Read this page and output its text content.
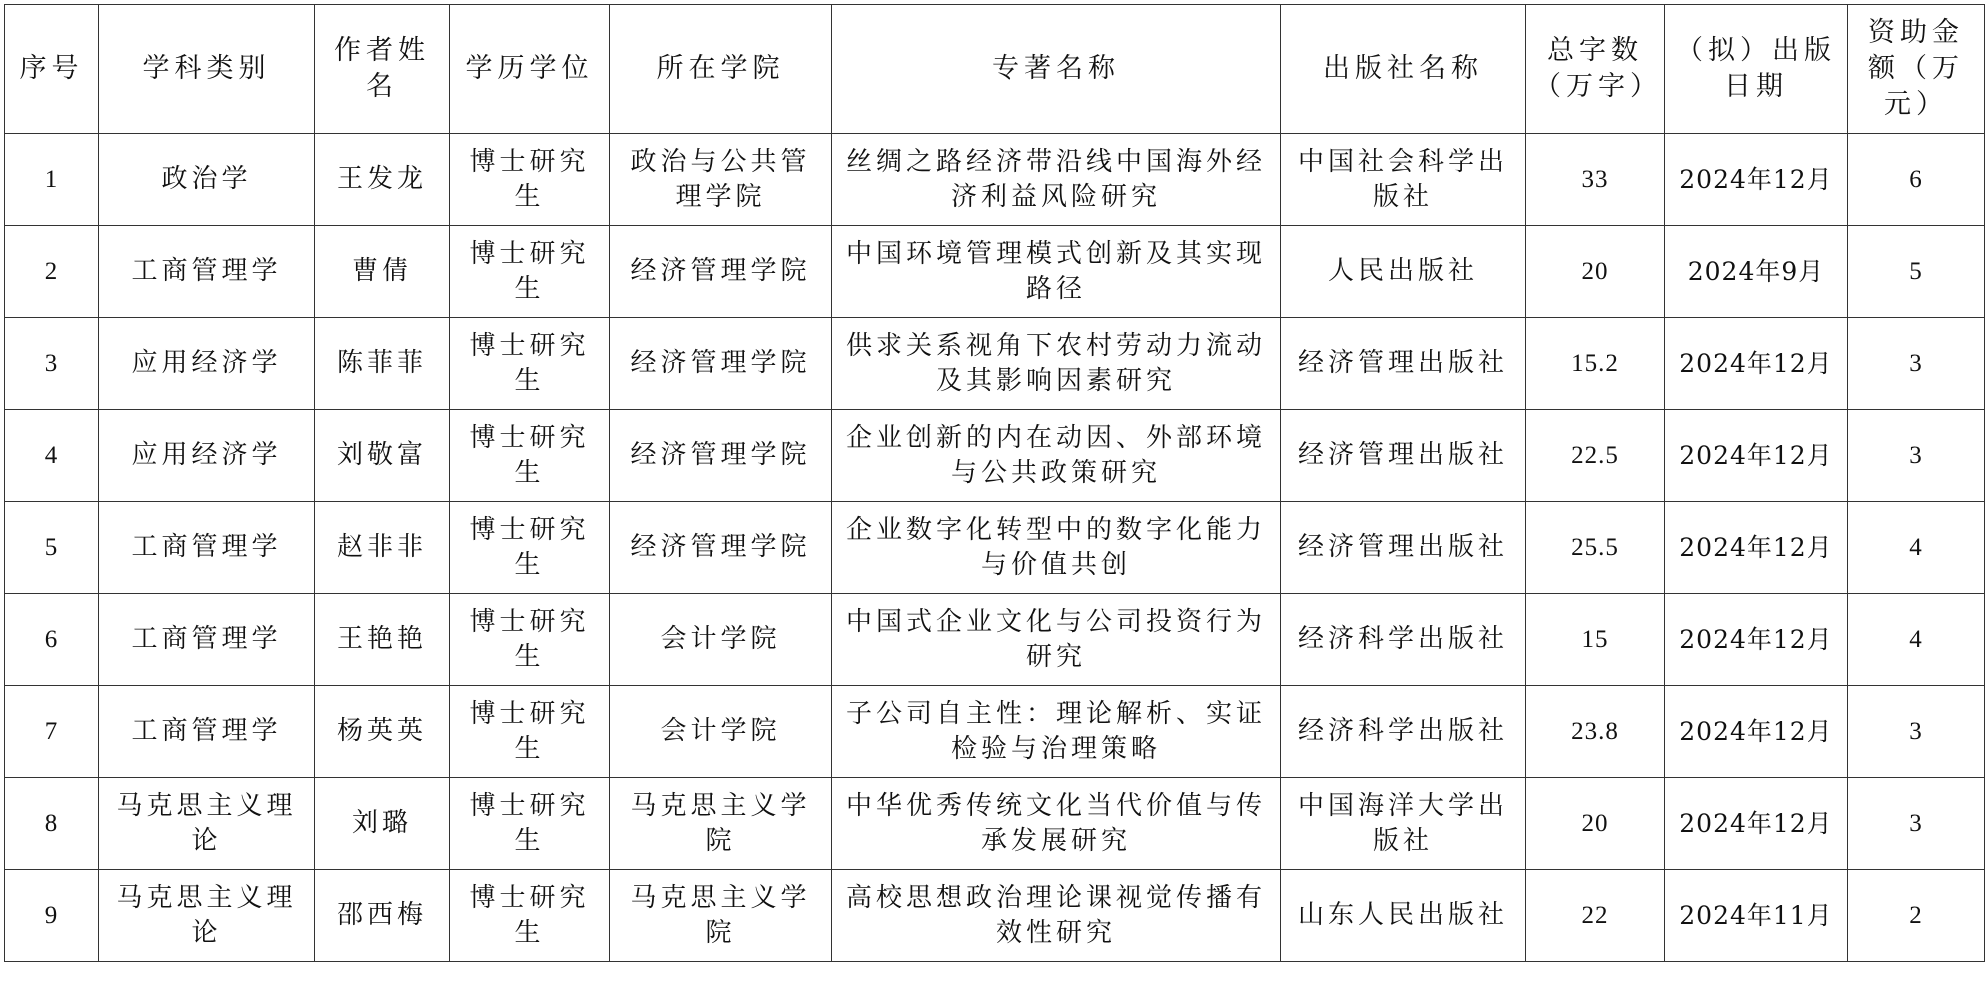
序号	学科类别	作者姓名	学历学位	所在学院	专著名称	出版社名称	总字数（万字）	（拟）出版日期	资助金额（万元）
1	政治学	王发龙	博士研究生	政治与公共管理学院	丝绸之路经济带沿线中国海外经济利益风险研究	中国社会科学出版社	33	2024年12月	6
2	工商管理学	曹倩	博士研究生	经济管理学院	中国环境管理模式创新及其实现路径	人民出版社	20	2024年9月	5
3	应用经济学	陈菲菲	博士研究生	经济管理学院	供求关系视角下农村劳动力流动及其影响因素研究	经济管理出版社	15.2	2024年12月	3
4	应用经济学	刘敬富	博士研究生	经济管理学院	企业创新的内在动因、外部环境与公共政策研究	经济管理出版社	22.5	2024年12月	3
5	工商管理学	赵非非	博士研究生	经济管理学院	企业数字化转型中的数字化能力与价值共创	经济管理出版社	25.5	2024年12月	4
6	工商管理学	王艳艳	博士研究生	会计学院	中国式企业文化与公司投资行为研究	经济科学出版社	15	2024年12月	4
7	工商管理学	杨英英	博士研究生	会计学院	子公司自主性：理论解析、实证检验与治理策略	经济科学出版社	23.8	2024年12月	3
8	马克思主义理论	刘璐	博士研究生	马克思主义学院	中华优秀传统文化当代价值与传承发展研究	中国海洋大学出版社	20	2024年12月	3
9	马克思主义理论	邵西梅	博士研究生	马克思主义学院	高校思想政治理论课视觉传播有效性研究	山东人民出版社	22	2024年11月	2
